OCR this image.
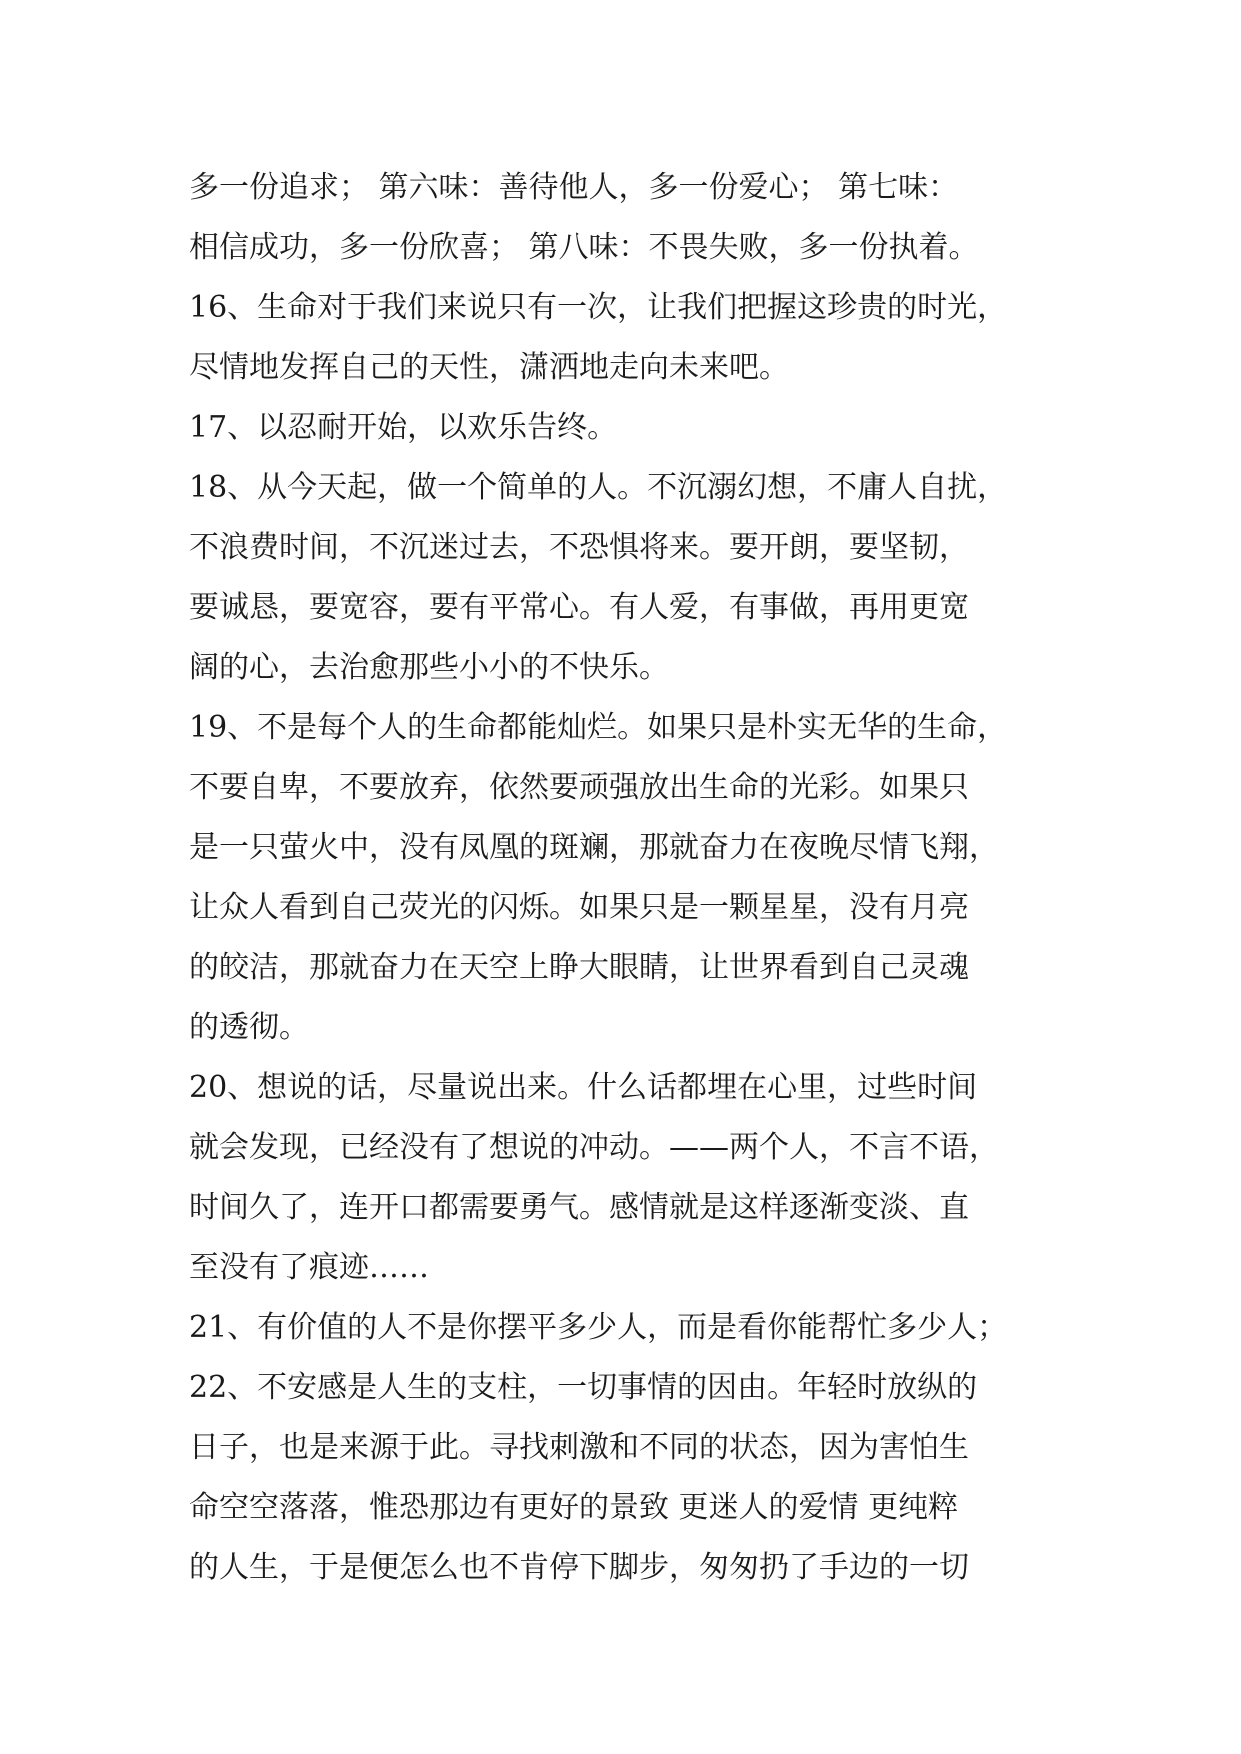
多一份追求； 第六味：善待他人，多一份爱心； 第七味：
相信成功，多一份欣喜； 第八味：不畏失败，多一份执着。
16、生命对于我们来说只有一次，让我们把握这珍贵的时光，
尽情地发挥自己的天性，潇洒地走向未来吧。
17、以忍耐开始，以欢乐告终。
18、从今天起，做一个简单的人。不沉溺幻想，不庸人自扰，
不浪费时间，不沉迷过去，不恐惧将来。要开朗，要坚韧，
要诚恳，要宽容，要有平常心。有人爱，有事做，再用更宽
阔的心，去治愈那些小小的不快乐。
19、不是每个人的生命都能灿烂。如果只是朴实无华的生命，
不要自卑，不要放弃，依然要顽强放出生命的光彩。如果只
是一只萤火中，没有凤凰的斑斓，那就奋力在夜晚尽情飞翔，
让众人看到自己荧光的闪烁。如果只是一颗星星，没有月亮
的皎洁，那就奋力在天空上睁大眼睛，让世界看到自己灵魂
的透彻。
20、想说的话，尽量说出来。什么话都埋在心里，过些时间
就会发现，已经没有了想说的冲动。——两个人，不言不语，
时间久了，连开口都需要勇气。感情就是这样逐渐变淡、直
至没有了痕迹……
21、有价值的人不是你摆平多少人，而是看你能帮忙多少人；
22、不安感是人生的支柱，一切事情的因由。年轻时放纵的
日子，也是来源于此。寻找刺激和不同的状态，因为害怕生
命空空落落，惟恐那边有更好的景致 更迷人的爱情 更纯粹
的人生，于是便怎么也不肯停下脚步，匆匆扔了手边的一切
